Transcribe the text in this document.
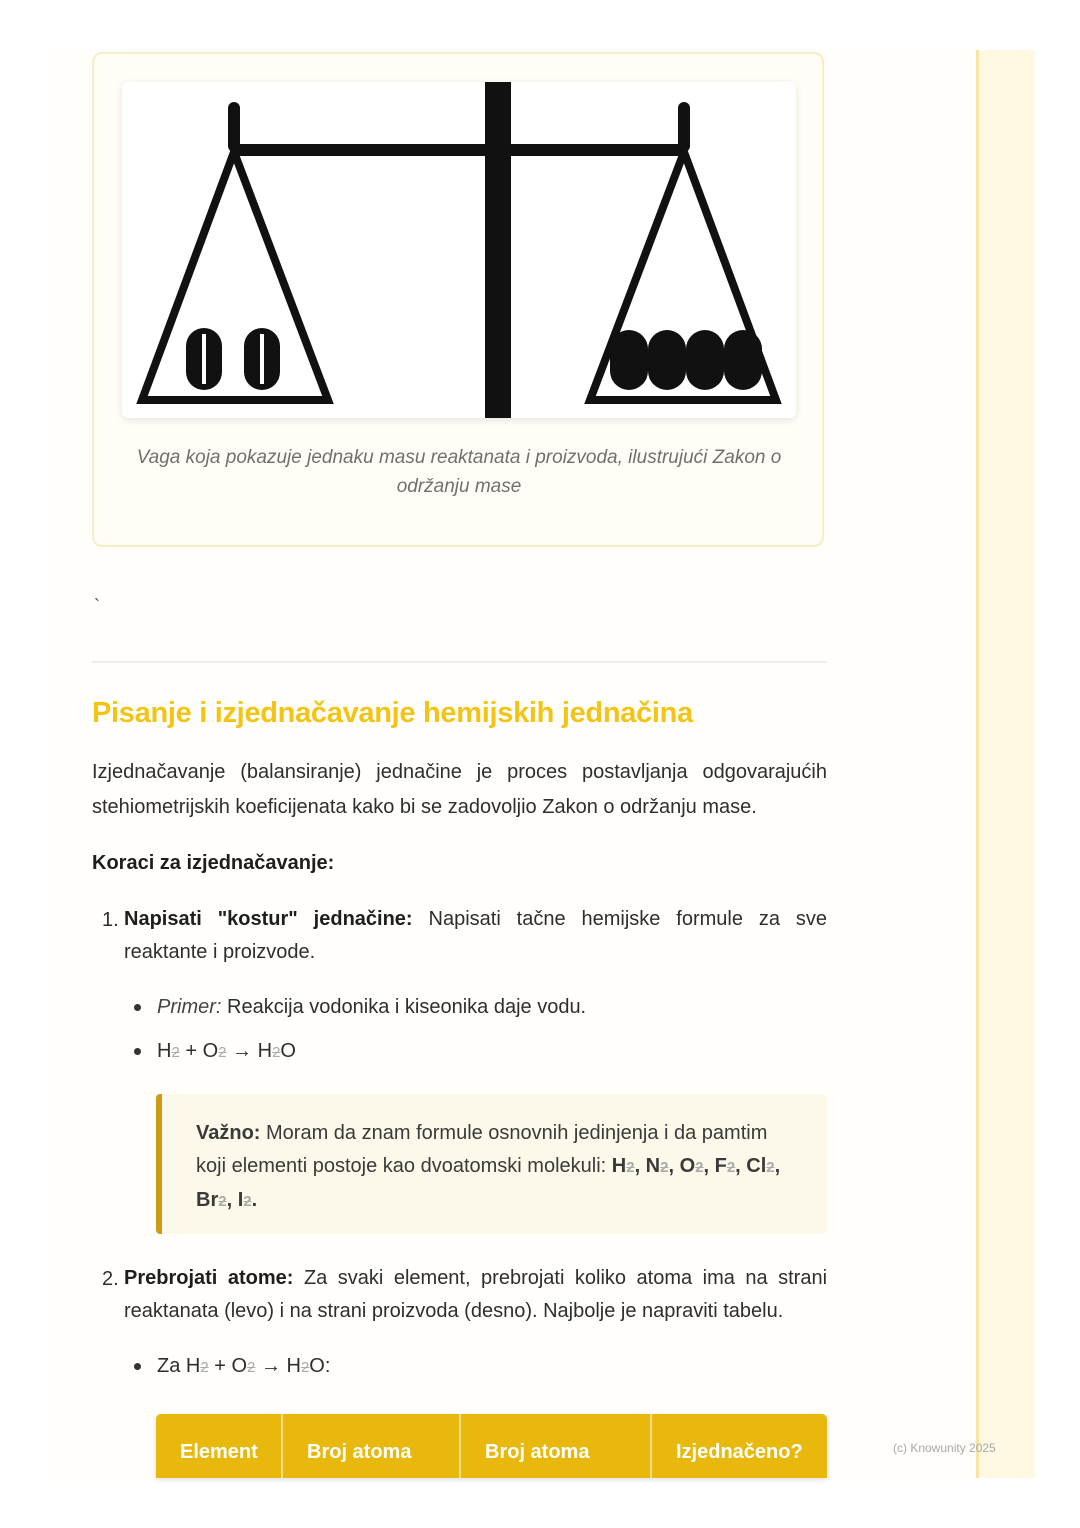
Vaga koja pokazuje jednaku masu reaktanata i proizvoda, ilustrujući Zakon o održanju mase
`
Pisanje i izjednačavanje hemijskih jednačina
Izjednačavanje (balansiranje) jednačine je proces postavljanja odgovarajućih stehiometrijskih koeficijenata kako bi se zadovoljio Zakon o održanju mase.
Koraci za izjednačavanje:
1. Napisati "kostur" jednačine: Napisati tačne hemijske formule za sve reaktante i proizvode.
Primer: Reakcija vodonika i kiseonika daje vodu.
H2 + O2 → H2O
Važno: Moram da znam formule osnovnih jedinjenja i da pamtim koji elementi postoje kao dvoatomski molekuli: H2, N2, O2, F2, Cl2, Br2, I2.
2. Prebrojati atome: Za svaki element, prebrojati koliko atoma ima na strani reaktanata (levo) i na strani proizvoda (desno). Najbolje je napraviti tabelu.
Za H2 + O2 → H2O:
Element	Broj atoma	Broj atoma	Izjednačeno?	(c) Knowunity 2025
